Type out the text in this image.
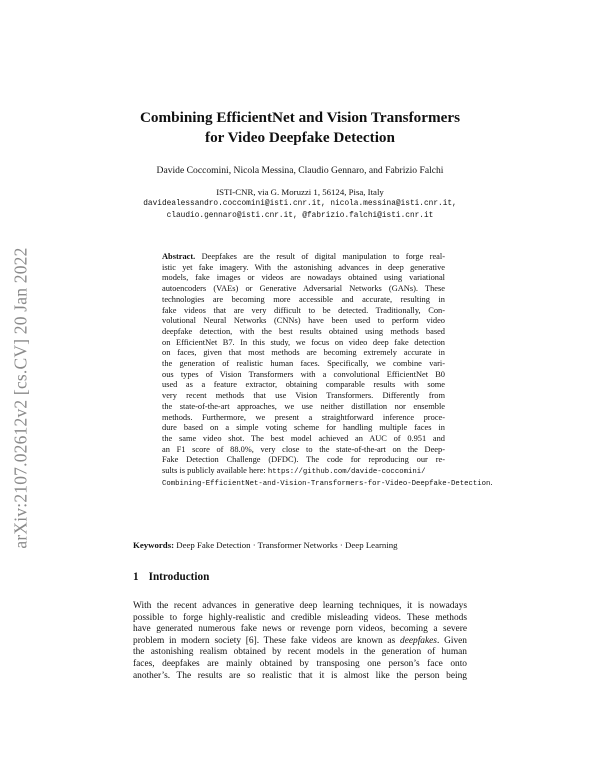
arXiv:2107.02612v2 [cs.CV] 20 Jan 2022
Combining EfficientNet and Vision Transformers
for Video Deepfake Detection
Davide Coccomini, Nicola Messina, Claudio Gennaro, and Fabrizio Falchi
ISTI-CNR, via G. Moruzzi 1, 56124, Pisa, Italy
davidealessandro.coccomini@isti.cnr.it, nicola.messina@isti.cnr.it,
claudio.gennaro@isti.cnr.it, @fabrizio.falchi@isti.cnr.it
Abstract. Deepfakes are the result of digital manipulation to forge real-
istic yet fake imagery. With the astonishing advances in deep generative
models, fake images or videos are nowadays obtained using variational
autoencoders (VAEs) or Generative Adversarial Networks (GANs). These
technologies are becoming more accessible and accurate, resulting in
fake videos that are very difficult to be detected. Traditionally, Con-
volutional Neural Networks (CNNs) have been used to perform video
deepfake detection, with the best results obtained using methods based
on EfficientNet B7. In this study, we focus on video deep fake detection
on faces, given that most methods are becoming extremely accurate in
the generation of realistic human faces. Specifically, we combine vari-
ous types of Vision Transformers with a convolutional EfficientNet B0
used as a feature extractor, obtaining comparable results with some
very recent methods that use Vision Transformers. Differently from
the state-of-the-art approaches, we use neither distillation nor ensemble
methods. Furthermore, we present a straightforward inference proce-
dure based on a simple voting scheme for handling multiple faces in
the same video shot. The best model achieved an AUC of 0.951 and
an F1 score of 88.0%, very close to the state-of-the-art on the Deep-
Fake Detection Challenge (DFDC). The code for reproducing our re-
sults is publicly available here: https://github.com/davide-coccomini/
Combining-EfficientNet-and-Vision-Transformers-for-Video-Deepfake-Detection.
Keywords: Deep Fake Detection · Transformer Networks · Deep Learning
1 Introduction
With the recent advances in generative deep learning techniques, it is nowadays
possible to forge highly-realistic and credible misleading videos. These methods
have generated numerous fake news or revenge porn videos, becoming a severe
problem in modern society [6]. These fake videos are known as deepfakes. Given
the astonishing realism obtained by recent models in the generation of human
faces, deepfakes are mainly obtained by transposing one person’s face onto
another’s. The results are so realistic that it is almost like the person being
